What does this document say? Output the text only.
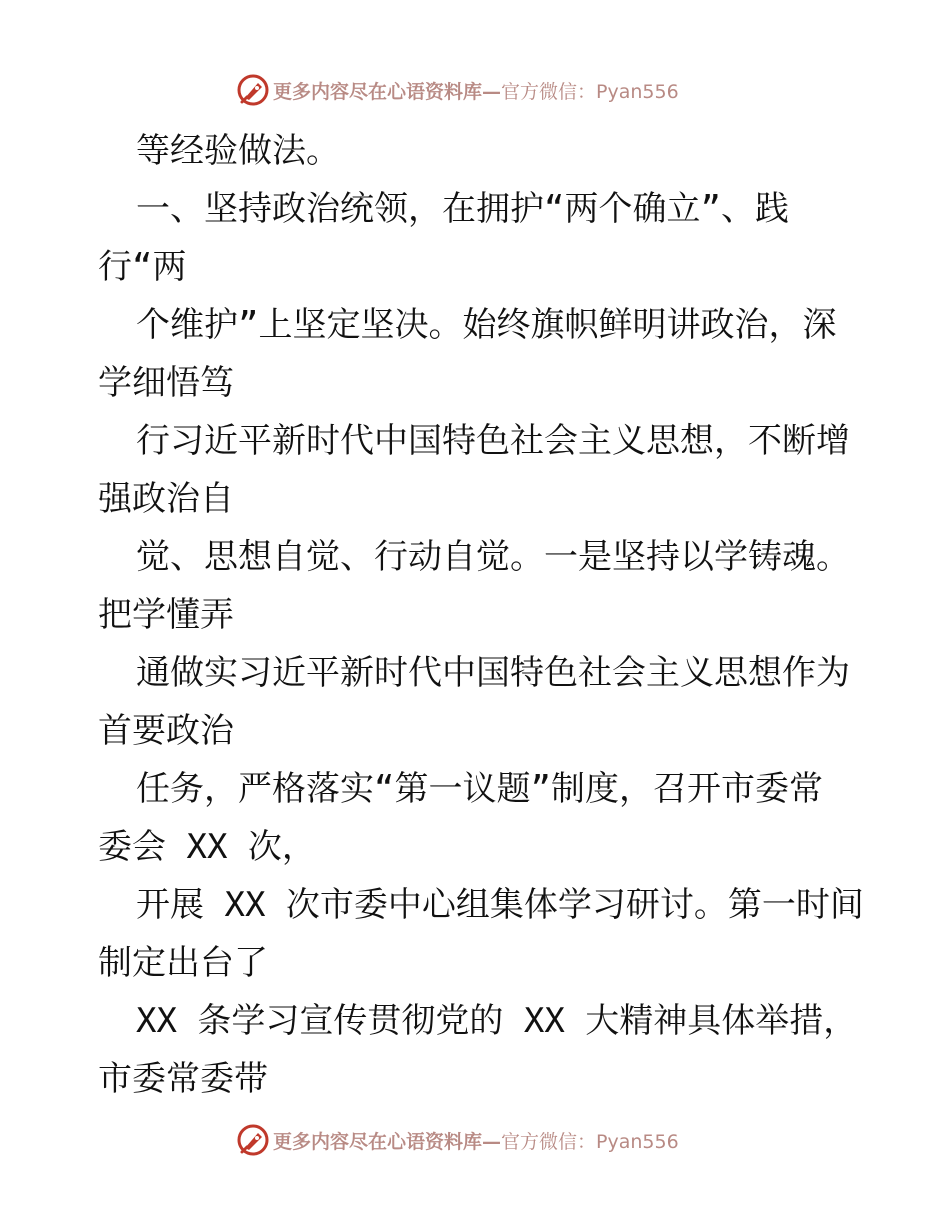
更多内容尽在心语资料库— 官方微信：Pyan556
等经验做法。
一、坚持政治统领，在拥护“两个确立”、践
行“两
个维护”上坚定坚决。始终旗帜鲜明讲政治，深
学细悟笃
行习近平新时代中国特色社会主义思想，不断增
强政治自
觉、思想自觉、行动自觉。一是坚持以学铸魂。
把学懂弄
通做实习近平新时代中国特色社会主义思想作为
首要政治
任务，严格落实“第一议题”制度，召开市委常
委会 XX 次，
开展 XX 次市委中心组集体学习研讨。第一时间
制定出台了
XX 条学习宣传贯彻党的 XX 大精神具体举措，
市委常委带
更多内容尽在心语资料库— 官方微信：Pyan556
